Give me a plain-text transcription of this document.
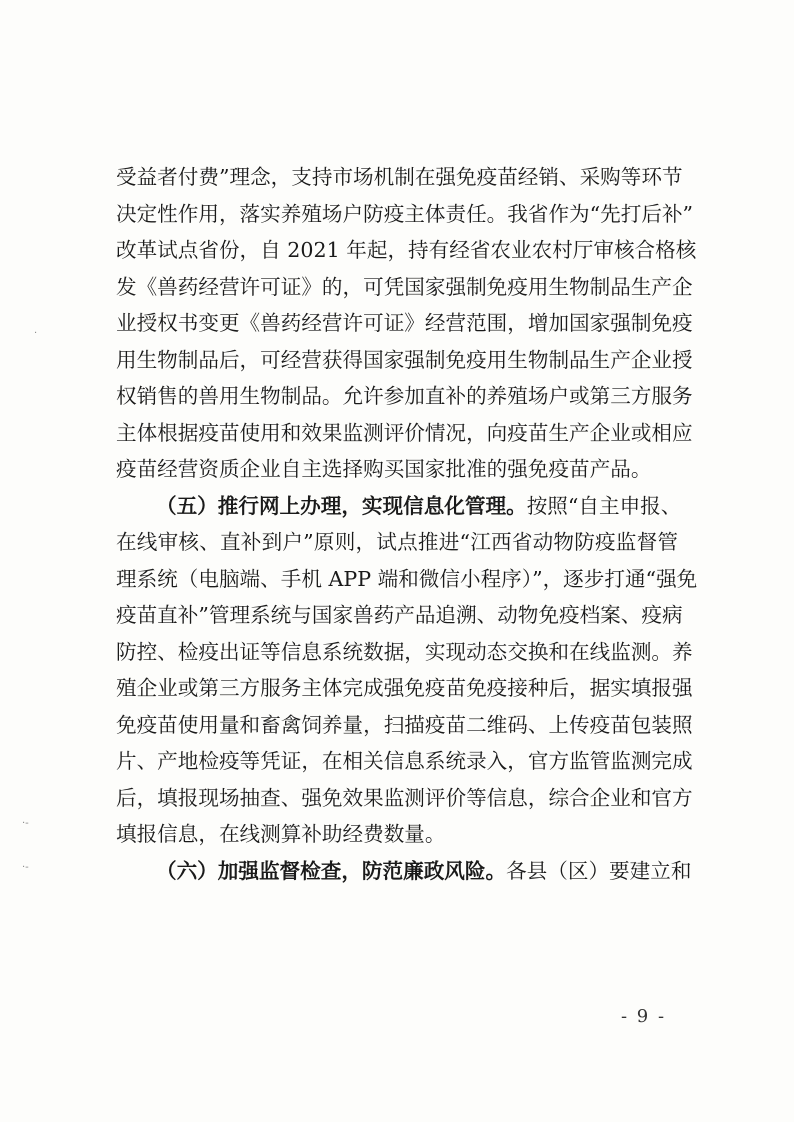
受益者付费”理念，支持市场机制在强免疫苗经销、采购等环节
决定性作用，落实养殖场户防疫主体责任。我省作为“先打后补”
改革试点省份，自 2021 年起，持有经省农业农村厅审核合格核
发《兽药经营许可证》的，可凭国家强制免疫用生物制品生产企
业授权书变更《兽药经营许可证》经营范围，增加国家强制免疫
用生物制品后，可经营获得国家强制免疫用生物制品生产企业授
权销售的兽用生物制品。允许参加直补的养殖场户或第三方服务
主体根据疫苗使用和效果监测评价情况，向疫苗生产企业或相应
疫苗经营资质企业自主选择购买国家批准的强免疫苗产品。
（五）推行网上办理，实现信息化管理。按照“自主申报、
在线审核、直补到户”原则，试点推进“江西省动物防疫监督管
理系统（电脑端、手机 APP 端和微信小程序）”，逐步打通“强免
疫苗直补”管理系统与国家兽药产品追溯、动物免疫档案、疫病
防控、检疫出证等信息系统数据，实现动态交换和在线监测。养
殖企业或第三方服务主体完成强免疫苗免疫接种后，据实填报强
免疫苗使用量和畜禽饲养量，扫描疫苗二维码、上传疫苗包装照
片、产地检疫等凭证，在相关信息系统录入，官方监管监测完成
后，填报现场抽查、强免效果监测评价等信息，综合企业和官方
填报信息，在线测算补助经费数量。
（六）加强监督检查，防范廉政风险。各县（区）要建立和
- 9 -
·
·-
·-
